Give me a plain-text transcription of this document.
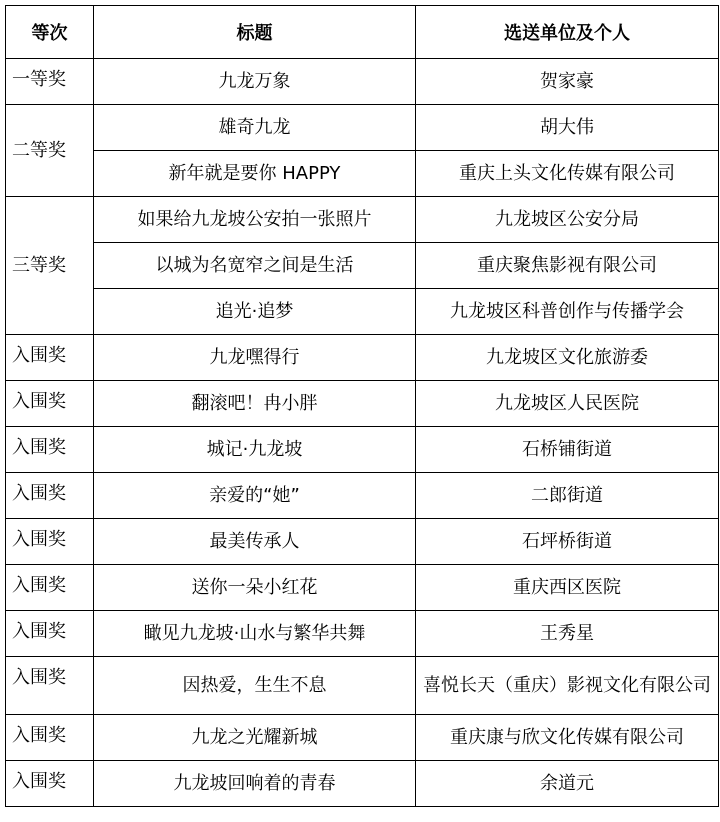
等次	标题	选送单位及个人
一等奖	九龙万象	贺家豪
二等奖	雄奇九龙	胡大伟
	新年就是要你 HAPPY	重庆上头文化传媒有限公司
三等奖	如果给九龙坡公安拍一张照片	九龙坡区公安分局
	以城为名宽窄之间是生活	重庆聚焦影视有限公司
	追光·追梦	九龙坡区科普创作与传播学会
入围奖	九龙嘿得行	九龙坡区文化旅游委
入围奖	翻滚吧！冉小胖	九龙坡区人民医院
入围奖	城记·九龙坡	石桥铺街道
入围奖	亲爱的“她”	二郎街道
入围奖	最美传承人	石坪桥街道
入围奖	送你一朵小红花	重庆西区医院
入围奖	瞰见九龙坡·山水与繁华共舞	王秀星
入围奖	因热爱，生生不息	喜悦长天（重庆）影视文化有限公司
入围奖	九龙之光耀新城	重庆康与欣文化传媒有限公司
入围奖	九龙坡回响着的青春	余道元
